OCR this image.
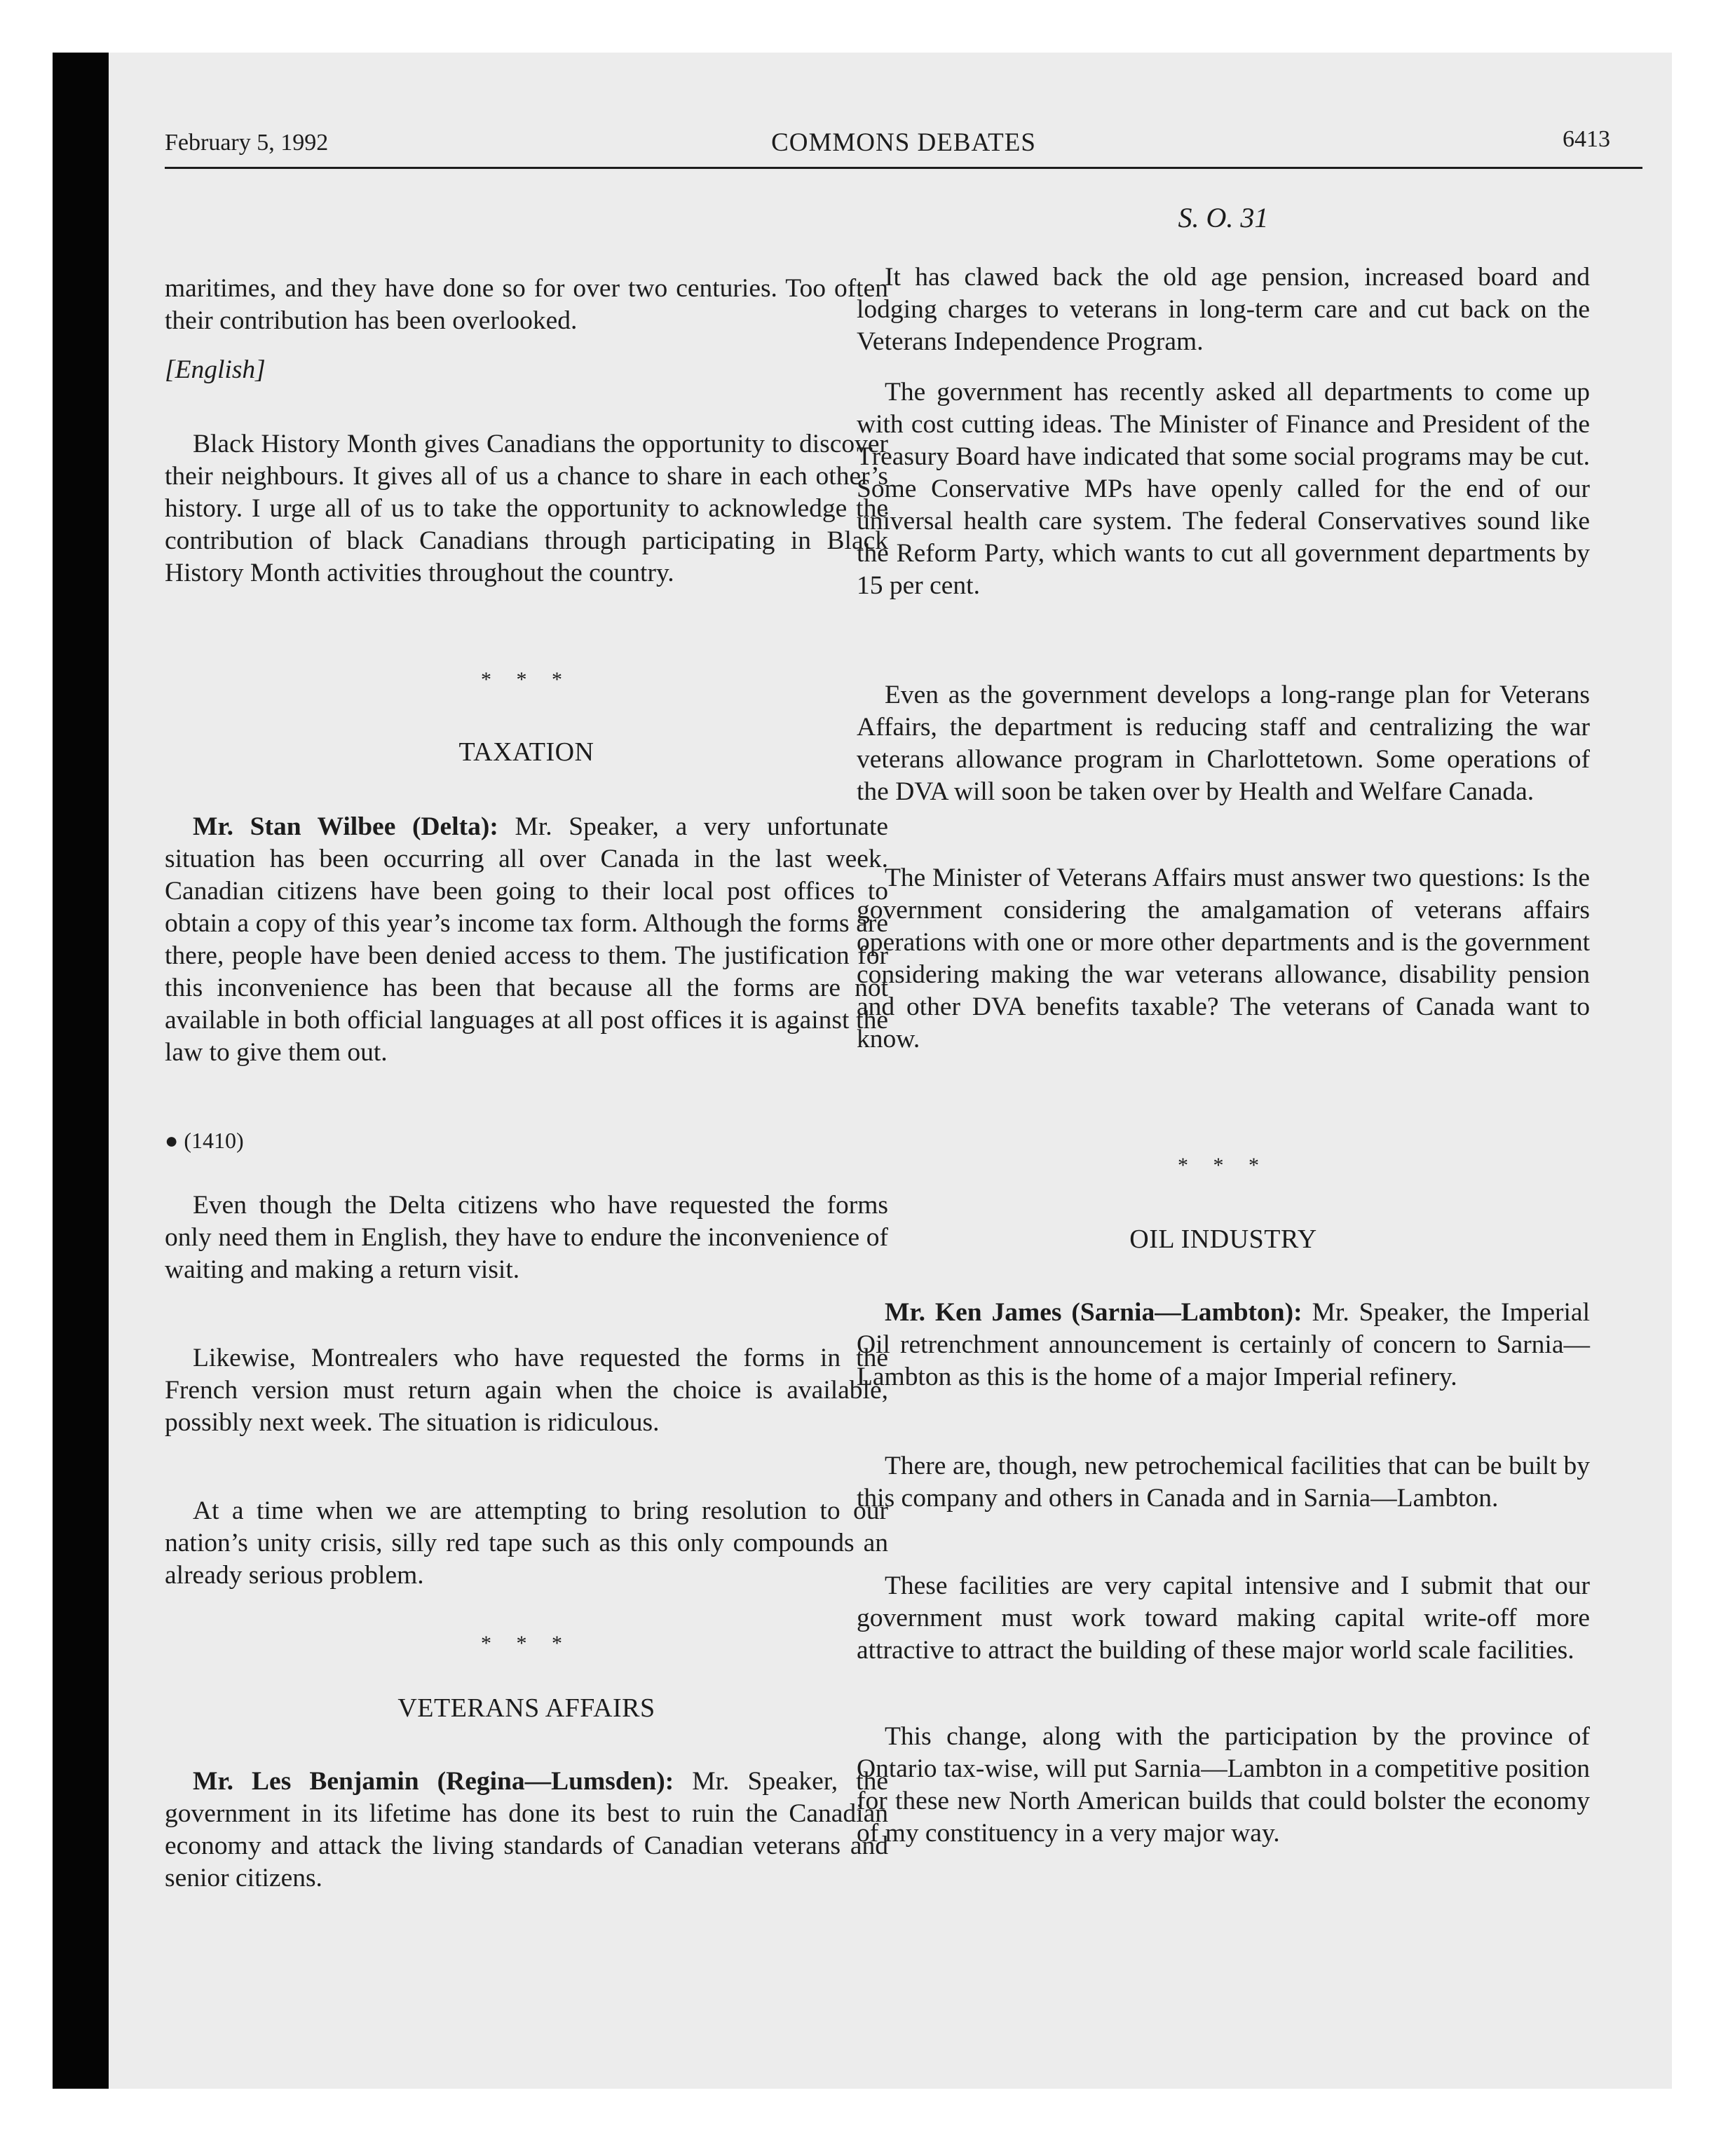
February 5, 1992	COMMONS DEBATES	6413
S. O. 31

maritimes, and they have done so for over two centuries. Too often their contribution has been overlooked.

[English]

Black History Month gives Canadians the opportunity to discover their neighbours. It gives all of us a chance to share in each other’s history. I urge all of us to take the opportunity to acknowledge the contribution of black Canadians through participating in Black History Month activities throughout the country.

* * *
TAXATION

Mr. Stan Wilbee (Delta): Mr. Speaker, a very unfortunate situation has been occurring all over Canada in the last week. Canadian citizens have been going to their local post offices to obtain a copy of this year’s income tax form. Although the forms are there, people have been denied access to them. The justification for this inconvenience has been that because all the forms are not available in both official languages at all post offices it is against the law to give them out.

● (1410)

Even though the Delta citizens who have requested the forms only need them in English, they have to endure the inconvenience of waiting and making a return visit.

Likewise, Montrealers who have requested the forms in the French version must return again when the choice is available, possibly next week. The situation is ridiculous.

At a time when we are attempting to bring resolution to our nation’s unity crisis, silly red tape such as this only compounds an already serious problem.

* * *
VETERANS AFFAIRS

Mr. Les Benjamin (Regina—Lumsden): Mr. Speaker, the government in its lifetime has done its best to ruin the Canadian economy and attack the living standards of Canadian veterans and senior citizens.

It has clawed back the old age pension, increased board and lodging charges to veterans in long-term care and cut back on the Veterans Independence Program.

The government has recently asked all departments to come up with cost cutting ideas. The Minister of Finance and President of the Treasury Board have indicated that some social programs may be cut. Some Conservative MPs have openly called for the end of our universal health care system. The federal Conservatives sound like the Reform Party, which wants to cut all government departments by 15 per cent.

Even as the government develops a long-range plan for Veterans Affairs, the department is reducing staff and centralizing the war veterans allowance program in Charlottetown. Some operations of the DVA will soon be taken over by Health and Welfare Canada.

The Minister of Veterans Affairs must answer two questions: Is the government considering the amalgamation of veterans affairs operations with one or more other departments and is the government considering making the war veterans allowance, disability pension and other DVA benefits taxable? The veterans of Canada want to know.

* * *
OIL INDUSTRY

Mr. Ken James (Sarnia—Lambton): Mr. Speaker, the Imperial Oil retrenchment announcement is certainly of concern to Sarnia—Lambton as this is the home of a major Imperial refinery.

There are, though, new petrochemical facilities that can be built by this company and others in Canada and in Sarnia—Lambton.

These facilities are very capital intensive and I submit that our government must work toward making capital write-off more attractive to attract the building of these major world scale facilities.

This change, along with the participation by the province of Ontario tax-wise, will put Sarnia—Lambton in a competitive position for these new North American builds that could bolster the economy of my constituency in a very major way.
